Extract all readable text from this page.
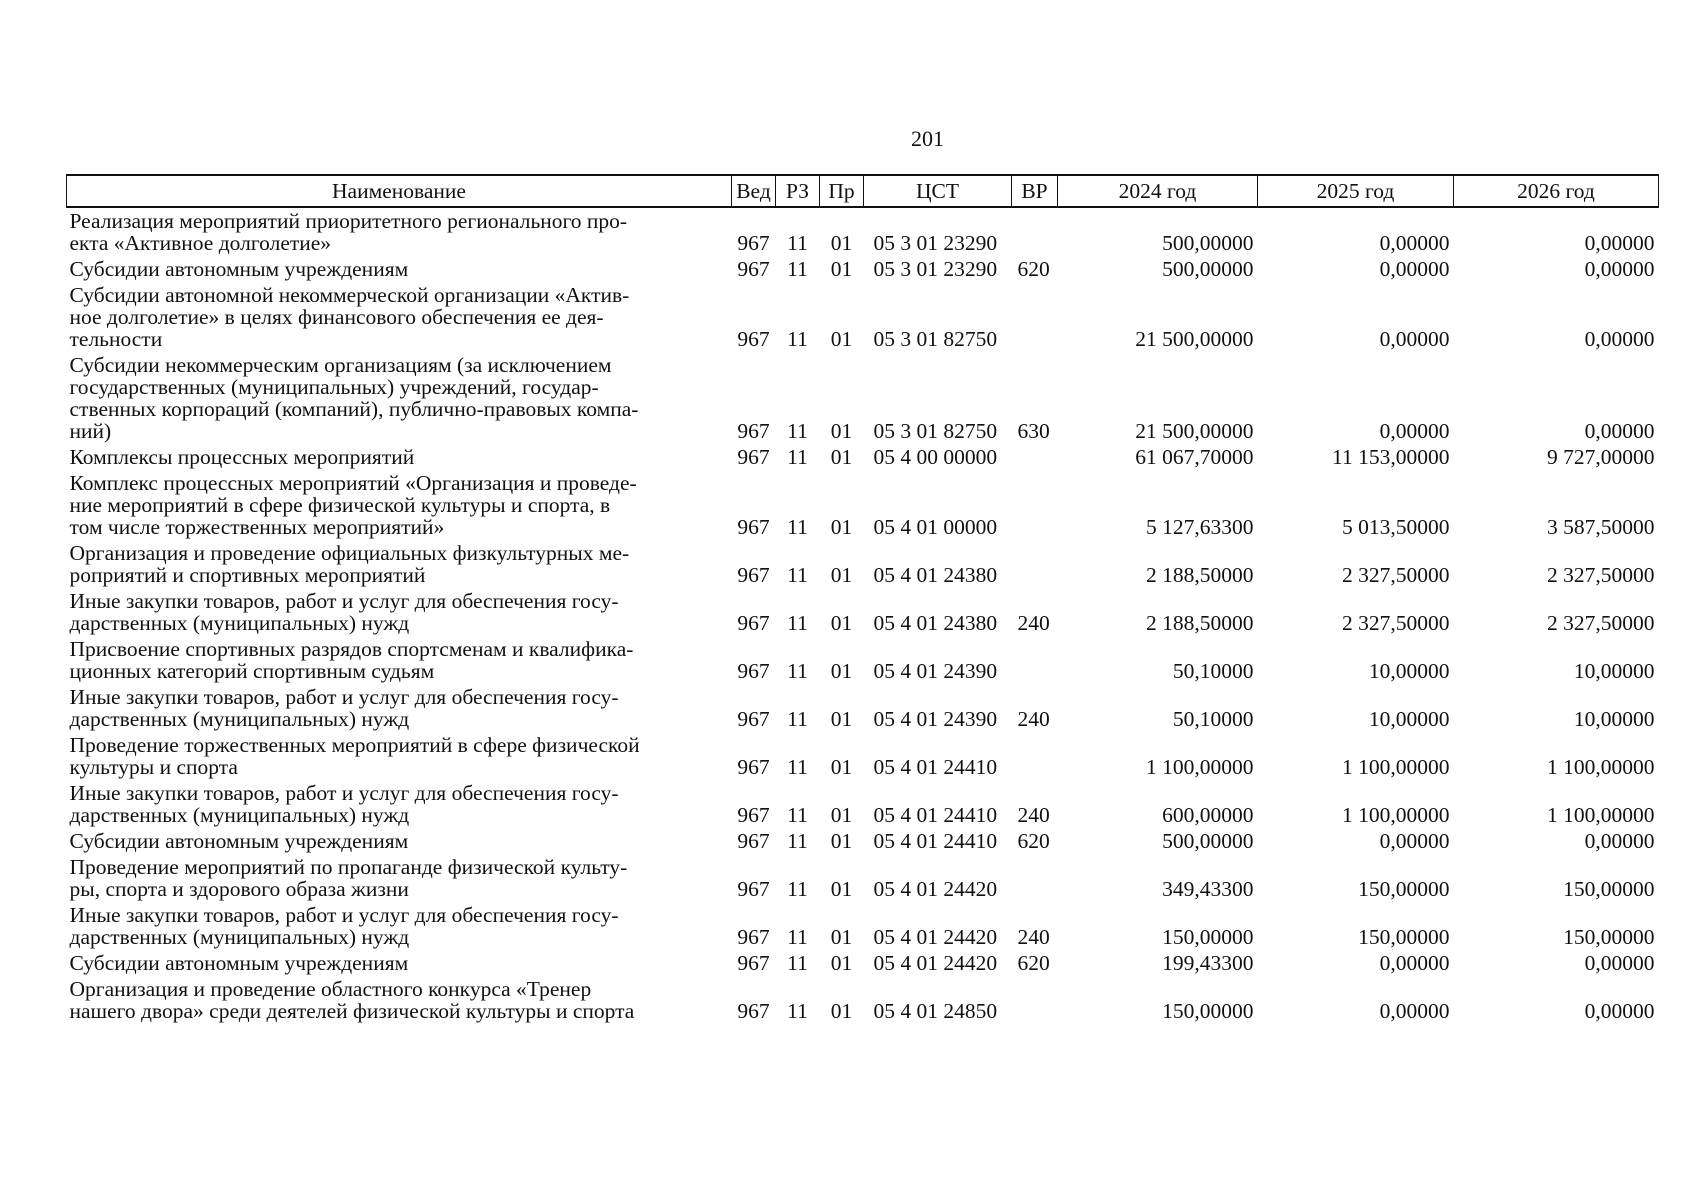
201
Наименование	Вед	РЗ	Пр	ЦСТ	ВР	2024 год	2025 год	2026 год

Реализация мероприятий приоритетного регионального про-
екта «Активное долголетие»	967	11	01	05 3 01 23290		500,00000	0,00000	0,00000

Субсидии автономным учреждениям	967	11	01	05 3 01 23290	620	500,00000	0,00000	0,00000

Субсидии автономной некоммерческой организации «Актив-
ное долголетие» в целях финансового обеспечения ее дея-
тельности	967	11	01	05 3 01 82750		21 500,00000	0,00000	0,00000

Субсидии некоммерческим организациям (за исключением
государственных (муниципальных) учреждений, государ-
ственных корпораций (компаний), публично-правовых компа-
ний)	967	11	01	05 3 01 82750	630	21 500,00000	0,00000	0,00000

Комплексы процессных мероприятий	967	11	01	05 4 00 00000		61 067,70000	11 153,00000	9 727,00000

Комплекс процессных мероприятий «Организация и проведе-
ние мероприятий в сфере физической культуры и спорта, в
том числе торжественных мероприятий»	967	11	01	05 4 01 00000		5 127,63300	5 013,50000	3 587,50000

Организация и проведение официальных физкультурных ме-
роприятий и спортивных мероприятий	967	11	01	05 4 01 24380		2 188,50000	2 327,50000	2 327,50000

Иные закупки товаров, работ и услуг для обеспечения госу-
дарственных (муниципальных) нужд	967	11	01	05 4 01 24380	240	2 188,50000	2 327,50000	2 327,50000

Присвоение спортивных разрядов спортсменам и квалифика-
ционных категорий спортивным судьям	967	11	01	05 4 01 24390		50,10000	10,00000	10,00000

Иные закупки товаров, работ и услуг для обеспечения госу-
дарственных (муниципальных) нужд	967	11	01	05 4 01 24390	240	50,10000	10,00000	10,00000

Проведение торжественных мероприятий в сфере физической
культуры и спорта	967	11	01	05 4 01 24410		1 100,00000	1 100,00000	1 100,00000

Иные закупки товаров, работ и услуг для обеспечения госу-
дарственных (муниципальных) нужд	967	11	01	05 4 01 24410	240	600,00000	1 100,00000	1 100,00000

Субсидии автономным учреждениям	967	11	01	05 4 01 24410	620	500,00000	0,00000	0,00000

Проведение мероприятий по пропаганде физической культу-
ры, спорта и здорового образа жизни	967	11	01	05 4 01 24420		349,43300	150,00000	150,00000

Иные закупки товаров, работ и услуг для обеспечения госу-
дарственных (муниципальных) нужд	967	11	01	05 4 01 24420	240	150,00000	150,00000	150,00000

Субсидии автономным учреждениям	967	11	01	05 4 01 24420	620	199,43300	0,00000	0,00000

Организация и проведение областного конкурса «Тренер
нашего двора» среди деятелей физической культуры и спорта	967	11	01	05 4 01 24850		150,00000	0,00000	0,00000
